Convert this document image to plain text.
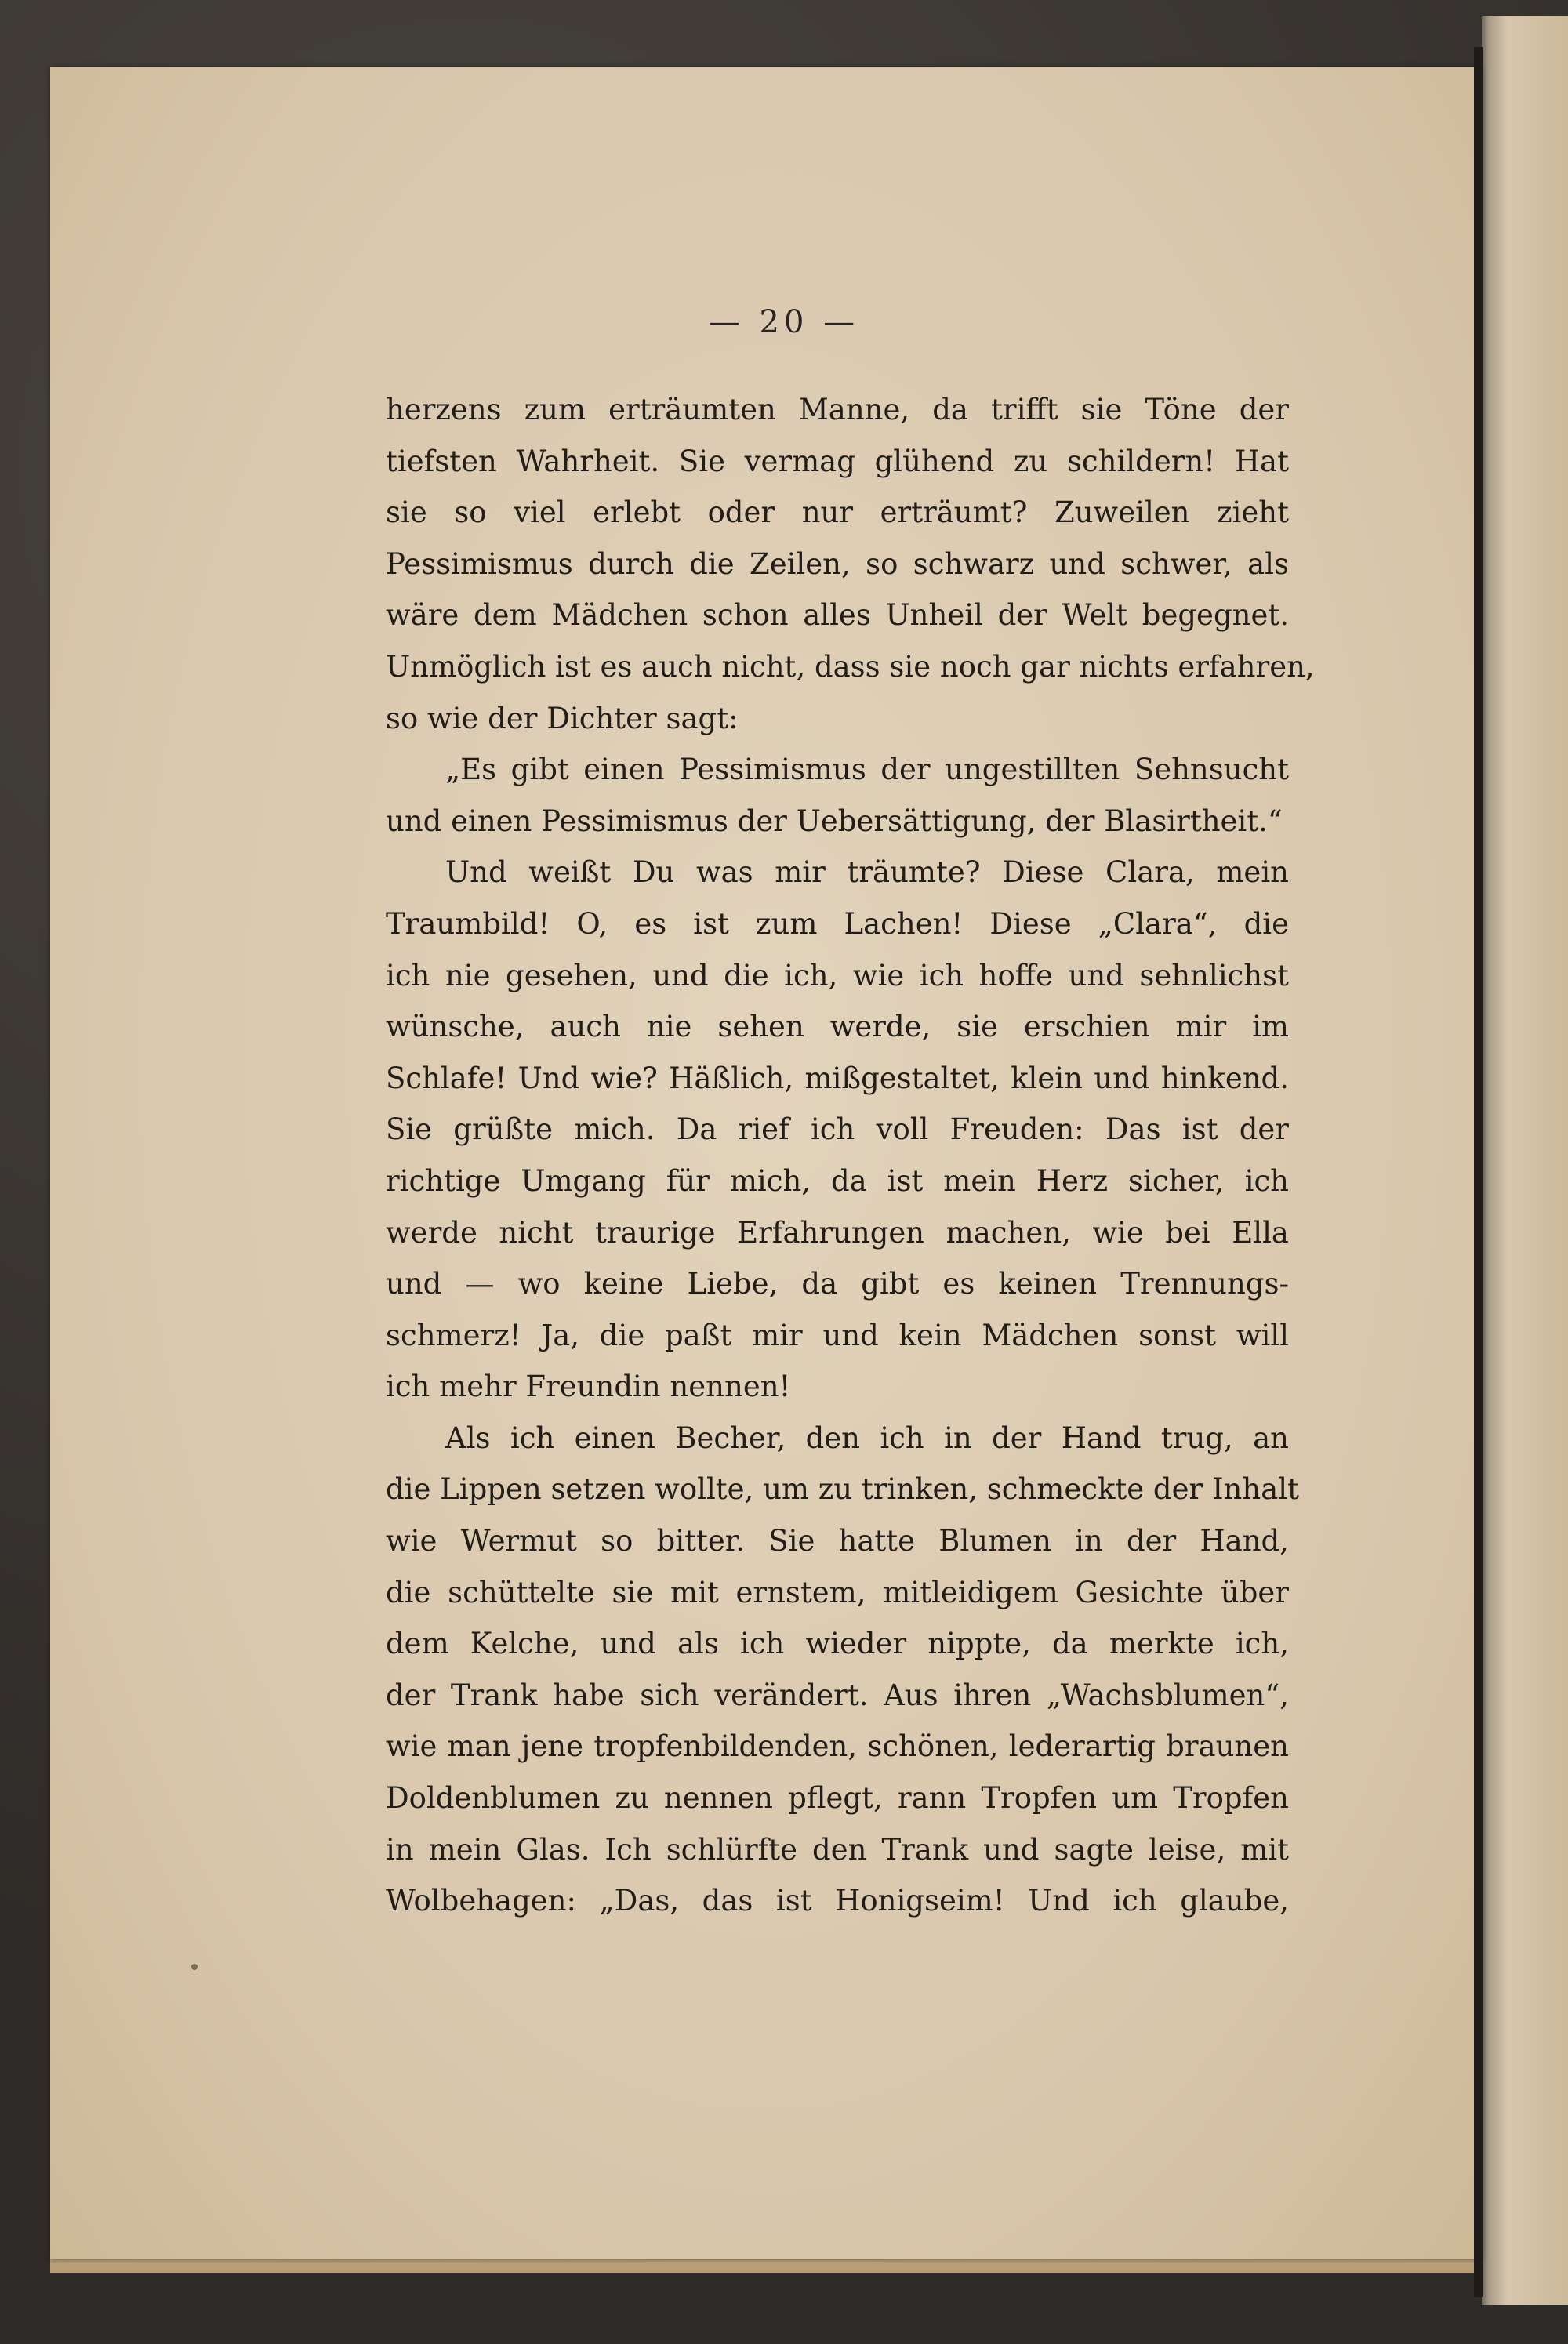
— 20 —
herzens zum erträumten Manne, da trifft sie Töne der
tiefsten Wahrheit. Sie vermag glühend zu schildern! Hat
sie so viel erlebt oder nur erträumt? Zuweilen zieht
Pessimismus durch die Zeilen, so schwarz und schwer, als
wäre dem Mädchen schon alles Unheil der Welt begegnet.
Unmöglich ist es auch nicht, dass sie noch gar nichts erfahren,
so wie der Dichter sagt:
„Es gibt einen Pessimismus der ungestillten Sehnsucht
und einen Pessimismus der Uebersättigung, der Blasirtheit.“
Und weißt Du was mir träumte? Diese Clara, mein
Traumbild! O, es ist zum Lachen! Diese „Clara“, die
ich nie gesehen, und die ich, wie ich hoffe und sehnlichst
wünsche, auch nie sehen werde, sie erschien mir im
Schlafe! Und wie? Häßlich, mißgestaltet, klein und hinkend.
Sie grüßte mich. Da rief ich voll Freuden: Das ist der
richtige Umgang für mich, da ist mein Herz sicher, ich
werde nicht traurige Erfahrungen machen, wie bei Ella
und — wo keine Liebe, da gibt es keinen Trennungs-
schmerz! Ja, die paßt mir und kein Mädchen sonst will
ich mehr Freundin nennen!
Als ich einen Becher, den ich in der Hand trug, an
die Lippen setzen wollte, um zu trinken, schmeckte der Inhalt
wie Wermut so bitter. Sie hatte Blumen in der Hand,
die schüttelte sie mit ernstem, mitleidigem Gesichte über
dem Kelche, und als ich wieder nippte, da merkte ich,
der Trank habe sich verändert. Aus ihren „Wachsblumen“,
wie man jene tropfenbildenden, schönen, lederartig braunen
Doldenblumen zu nennen pflegt, rann Tropfen um Tropfen
in mein Glas. Ich schlürfte den Trank und sagte leise, mit
Wolbehagen: „Das, das ist Honigseim! Und ich glaube,
